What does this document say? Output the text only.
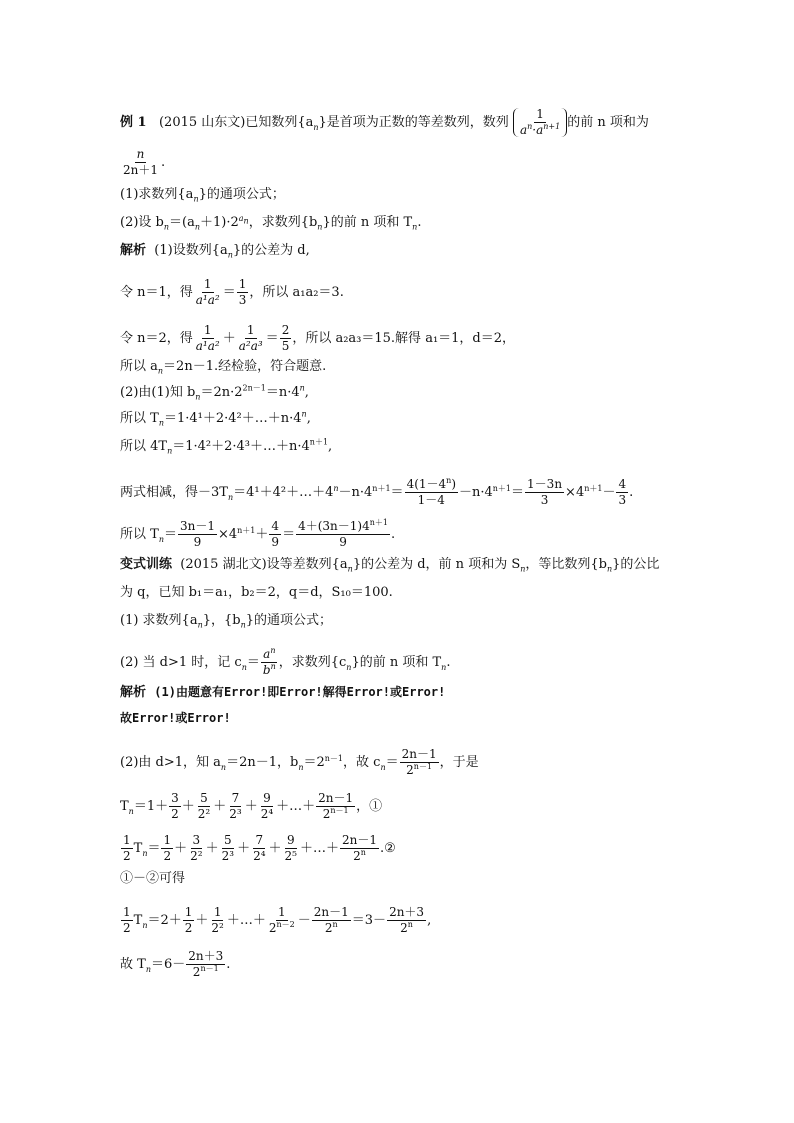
例 1 (2015 山东文)已知数列$\{a_n\}$是首项为正数的等差数列，数列 $\frac{1}{a^n\cdot a^{n+1}}$ 的前 n 项和为
$\frac{n}{2n+1}$ .
(1)求数列$\{a_n\}$的通项公式；
(2)设 $b_n=(a_n+1)\cdot 2^{a_n}$，求数列$\{b_n\}$的前 n 项和 $T_n$.
解析 (1)设数列$\{a_n\}$的公差为 d,
令 n＝1，得 $\frac{1}{\text{a¹a²}} = \frac{1}{3}$ ，所以 a₁a₂＝3.
令 n＝2，得 $\frac{1}{\text{a¹a²}} + \frac{1}{\text{a²a³}} = \frac{2}{5}$ ，所以 a₂a₃＝15.解得 a₁＝1，d＝2，
所以 $a_n=2n-1$.经检验，符合题意.
(2)由(1)知 $b_n=2n\cdot 2^{2n-1}=n\cdot 4^n$,
所以 $T_n=1\cdot 4^1+2\cdot 4^2+\dots+n\cdot 4^n$,
所以 $4T_n=1\cdot 4^2+2\cdot 4^3+\dots+n\cdot 4^{n+1}$,
两式相减，得$-3T_n=4^1+4^2+\dots+4^n-n\cdot 4^{n+1}= \frac{4(1-4^n)}{1-4} -n\cdot 4^{n+1}= \frac{1-3n}{3} \times 4^{n+1}- \frac{4}{3}$ .
所以 $T_n= \frac{3n-1}{9} \times 4^{n+1}+ \frac{4}{9} = \frac{4+(3n-1)4^{n+1}}{9}$ .
变式训练 (2015 湖北文)设等差数列$\{a_n\}$的公差为 d，前 n 项和为 $S_n$，等比数列$\{b_n\}$的公比
为 q，已知 b₁＝a₁，b₂＝2，q＝d，S₁₀＝100.
(1) 求数列$\{a_n\}$，$\{b_n\}$的通项公式；
(2) 当 d>1 时，记 $c_n= \frac{a^n}{b^n}$ ，求数列$\{c_n\}$的前 n 项和 $T_n$.
解析 (1)由题意有Error!即Error!解得Error!或Error!
故Error!或Error!
(2)由 d>1，知 $a_n=2n-1$，$b_n=2^{n-1}$，故 $c_n= \frac{2n-1}{2^{n-1}}$ ，于是
$T_n=1+ \frac{3}{2} + \frac{5}{\text{2²}} + \frac{7}{\text{2³}} + \frac{9}{\text{2⁴}}$ ＋…＋ $\frac{2n-1}{2^{n-1}}$ ，①
$\frac{1}{2} T_n= \frac{1}{2} + \frac{3}{\text{2²}} + \frac{5}{\text{2³}} + \frac{7}{\text{2⁴}} + \frac{9}{\text{2⁵}}$ ＋…＋ $\frac{2n-1}{2^n}$ .②
①－②可得
$\frac{1}{2} T_n=2+ \frac{1}{2} + \frac{1}{\text{2²}}$ ＋…＋ $\frac{1}{2^{n-2}} - \frac{2n-1}{2^n} =3- \frac{2n+3}{2^n}$ ,
故 $T_n=6- \frac{2n+3}{2^{n-1}}$ .
